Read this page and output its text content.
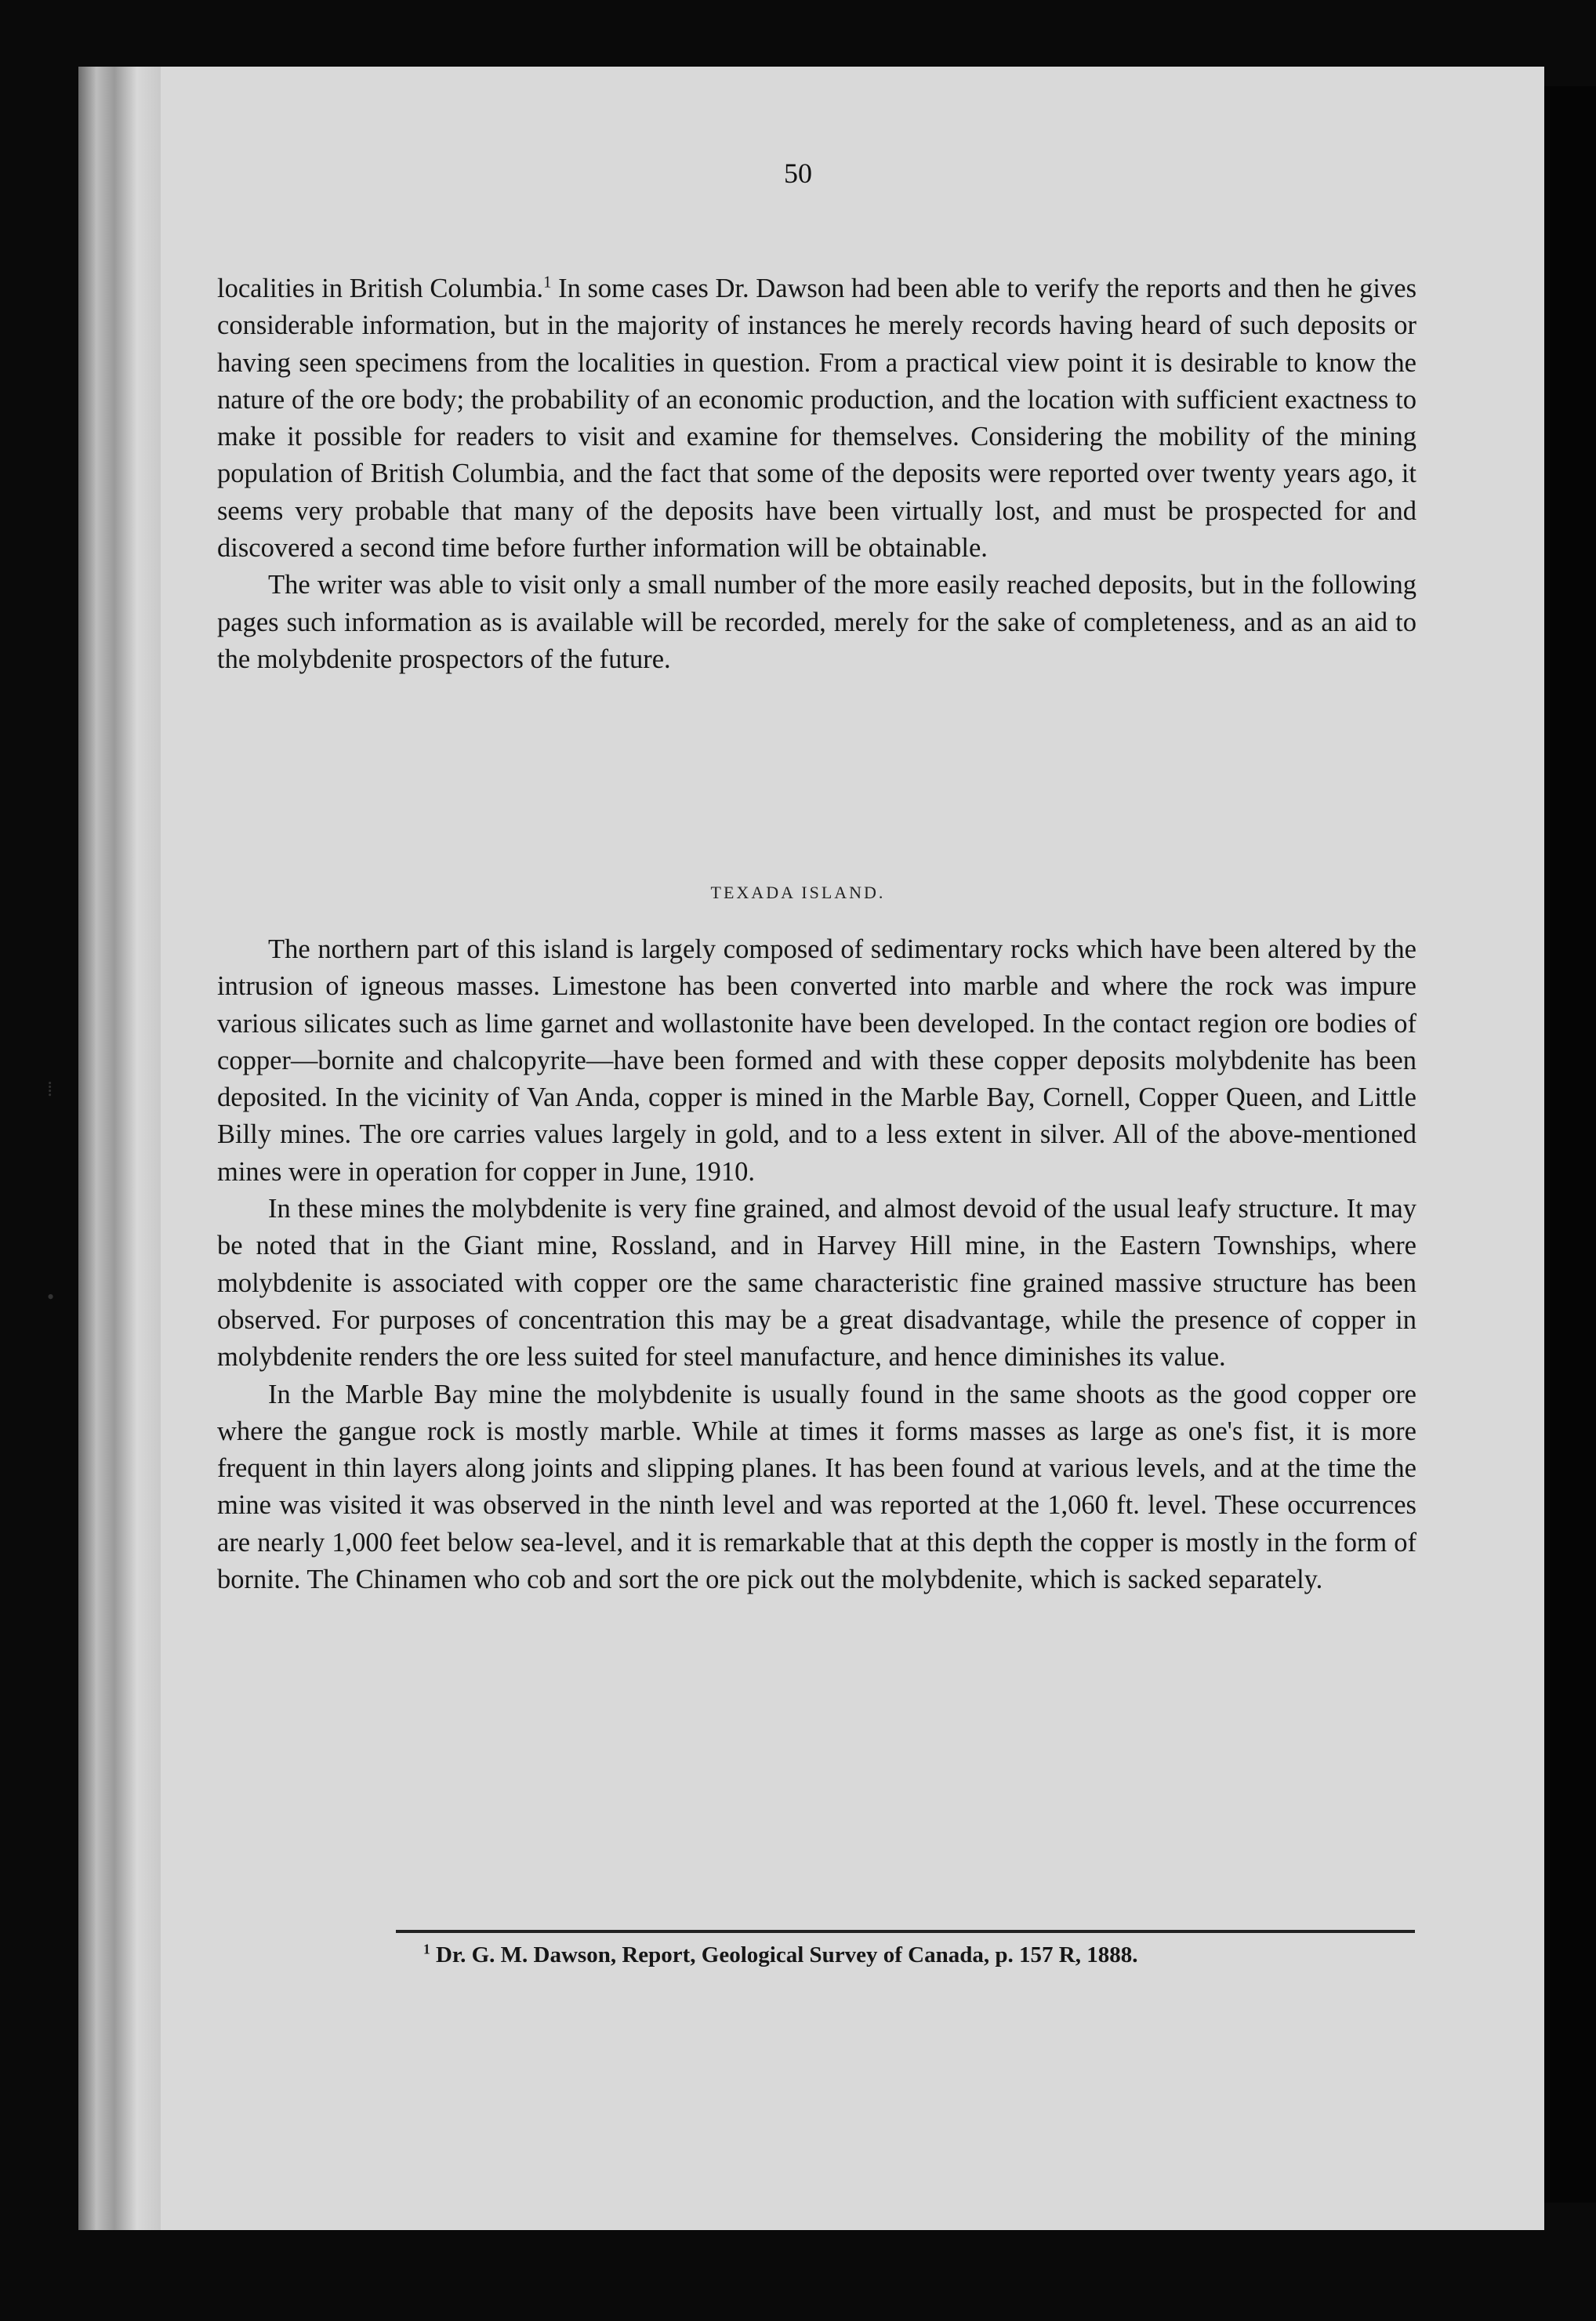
50

localities in British Columbia.$^1$ In some cases Dr. Dawson had been able to verify the reports and then he gives considerable information, but in the majority of instances he merely records having heard of such deposits or having seen specimens from the localities in question. From a practical view point it is desirable to know the nature of the ore body; the probability of an economic production, and the location with sufficient exactness to make it possible for readers to visit and examine for themselves. Considering the mobility of the mining population of British Columbia, and the fact that some of the deposits were reported over twenty years ago, it seems very probable that many of the deposits have been virtually lost, and must be prospected for and discovered a second time before further information will be obtainable.

The writer was able to visit only a small number of the more easily reached deposits, but in the following pages such information as is available will be recorded, merely for the sake of completeness, and as an aid to the molybdenite prospectors of the future.

TEXADA ISLAND.

The northern part of this island is largely composed of sedimentary rocks which have been altered by the intrusion of igneous masses. Limestone has been converted into marble and where the rock was impure various silicates such as lime garnet and wollastonite have been developed. In the contact region ore bodies of copper—bornite and chalcopyrite—have been formed and with these copper deposits molybdenite has been deposited. In the vicinity of Van Anda, copper is mined in the Marble Bay, Cornell, Copper Queen, and Little Billy mines. The ore carries values largely in gold, and to a less extent in silver. All of the above-mentioned mines were in operation for copper in June, 1910.

In these mines the molybdenite is very fine grained, and almost devoid of the usual leafy structure. It may be noted that in the Giant mine, Rossland, and in Harvey Hill mine, in the Eastern Townships, where molybdenite is associated with copper ore the same characteristic fine grained massive structure has been observed. For purposes of concentration this may be a great disadvantage, while the presence of copper in molybdenite renders the ore less suited for steel manufacture, and hence diminishes its value.

In the Marble Bay mine the molybdenite is usually found in the same shoots as the good copper ore where the gangue rock is mostly marble. While at times it forms masses as large as one's fist, it is more frequent in thin layers along joints and slipping planes. It has been found at various levels, and at the time the mine was visited it was observed in the ninth level and was reported at the 1,060 ft. level. These occurrences are nearly 1,000 feet below sea-level, and it is remarkable that at this depth the copper is mostly in the form of bornite. The Chinamen who cob and sort the ore pick out the molybdenite, which is sacked separately.

$^1$ Dr. G. M. Dawson, Report, Geological Survey of Canada, p. 157 R, 1888.
⁞
•
